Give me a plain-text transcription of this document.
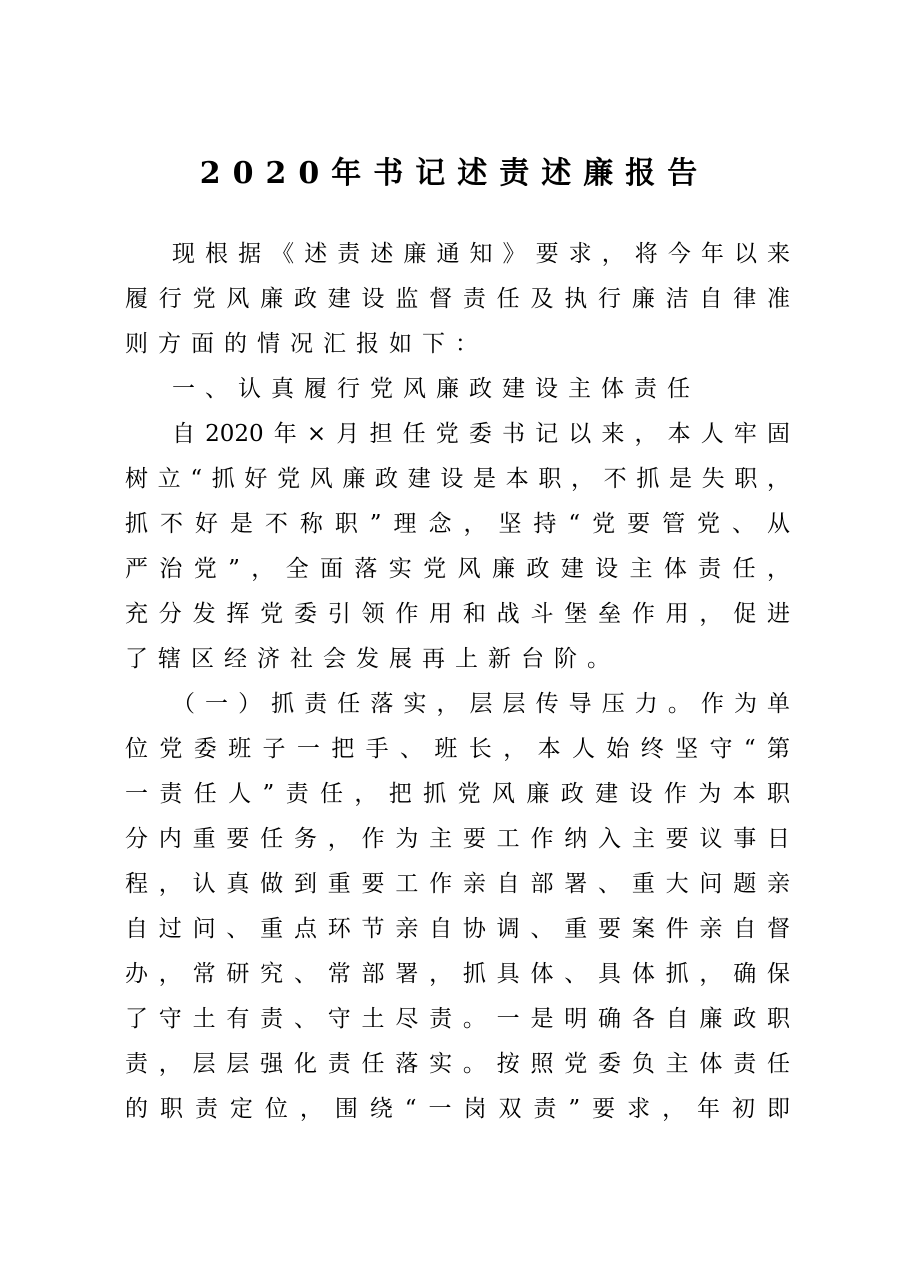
2020年书记述责述廉报告
现根据《述责述廉通知》要求，将今年以来
履行党风廉政建设监督责任及执行廉洁自律准
则方面的情况汇报如下：
一、认真履行党风廉政建设主体责任
自2020年×月担任党委书记以来，本人牢固
树立“抓好党风廉政建设是本职，不抓是失职，
抓不好是不称职”理念，坚持“党要管党、从
严治党”，全面落实党风廉政建设主体责任，
充分发挥党委引领作用和战斗堡垒作用，促进
了辖区经济社会发展再上新台阶。
（一）抓责任落实，层层传导压力。作为单
位党委班子一把手、班长，本人始终坚守“第
一责任人”责任，把抓党风廉政建设作为本职
分内重要任务，作为主要工作纳入主要议事日
程，认真做到重要工作亲自部署、重大问题亲
自过问、重点环节亲自协调、重要案件亲自督
办，常研究、常部署，抓具体、具体抓，确保
了守土有责、守土尽责。一是明确各自廉政职
责，层层强化责任落实。按照党委负主体责任
的职责定位，围绕“一岗双责”要求，年初即
